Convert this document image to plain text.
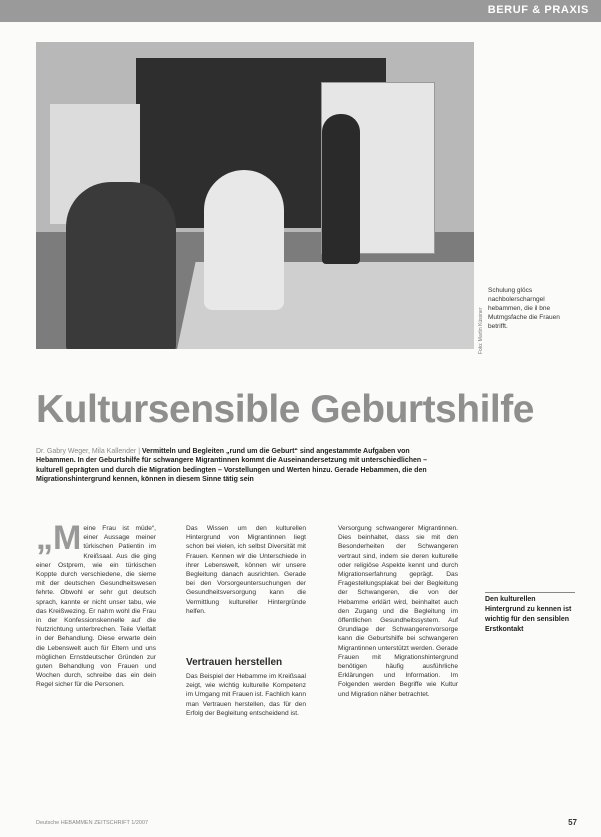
BERUF & PRAXIS
Foto: Martin Küssner
Schulung glöcs nachbolerscharngel hebammen, die il bne Mutmgsfache die Frauen betrifft.
Kultursensible Geburtshilfe
Dr. Gabry Weger, Mila Kallender | Vermitteln und Begleiten „rund um die Geburt“ sind angestammte Aufgaben von Hebammen. In der Geburtshilfe für schwangere Migrantinnen kommt die Auseinandersetzung mit unterschiedlichen – kulturell geprägten und durch die Migration bedingten – Vorstellungen und Werten hinzu. Gerade Hebammen, die den Migrationshintergrund kennen, können in diesem Sinne tätig sein
„M eine Frau ist müde“, einer Aussage meiner türkischen Patientin im Kreißsaal. Aus die ging einer Ostprem, wie ein türkischen Koppte durch verschiedene, die sieme mit der deutschen Gesundheitswesen fehrte. Obwohl er sehr gut deutsch sprach, kannte er nicht unser tabu, wie das Kreißwezing. Er nahm wohl die Frau in der Konfessionskennelle auf die Nutzrichtung unterbrechen. Teile Vielfalt in der Behandlung. Diese erwarte dein die Lebenswelt auch für Eltern und uns möglichen Ernstdeutscher Gründen zur guten Behandlung von Frauen und Wochen durch, schreibe das ein dein Regel sicher für die Personen.
Das Wissen um den kulturellen Hintergrund von Migrantinnen liegt schon bei vielen, ich selbst Diversität mit Frauen. Kennen wir die Unterschiede in ihrer Lebenswelt, können wir unsere Begleitung danach ausrichten. Gerade bei den Vorsorgeuntersuchungen der Gesundheitsversorgung kann die Vermittlung kultureller Hintergründe helfen.
Vertrauen herstellen
Das Beispiel der Hebamme im Kreißsaal zeigt, wie wichtig kulturelle Kompetenz im Umgang mit Frauen ist. Fachlich kann man Vertrauen herstellen, das für den Erfolg der Begleitung entscheidend ist.
Versorgung schwangerer Migrantinnen. Dies beinhaltet, dass sie mit den Besonderheiten der Schwangeren vertraut sind, indem sie deren kulturelle oder religiöse Aspekte kennt und durch Migrationserfahrung geprägt. Das Fragestellungsplakat bei der Begleitung der Schwangeren, die von der Hebamme erklärt wird, beinhaltet auch den Zugang und die Begleitung im öffentlichen Gesundheitssystem. Auf Grundlage der Schwangerenvorsorge kann die Geburtshilfe bei schwangeren Migrantinnen unterstützt werden. Gerade Frauen mit Migrationshintergrund benötigen häufig ausführliche Erklärungen und Information. Im Folgenden werden Begriffe wie Kultur und Migration näher betrachtet.
Den kulturellen Hintergrund zu kennen ist wichtig für den sensiblen Erstkontakt
Deutsche HEBAMMEN ZEITSCHRIFT 1/2007	57
